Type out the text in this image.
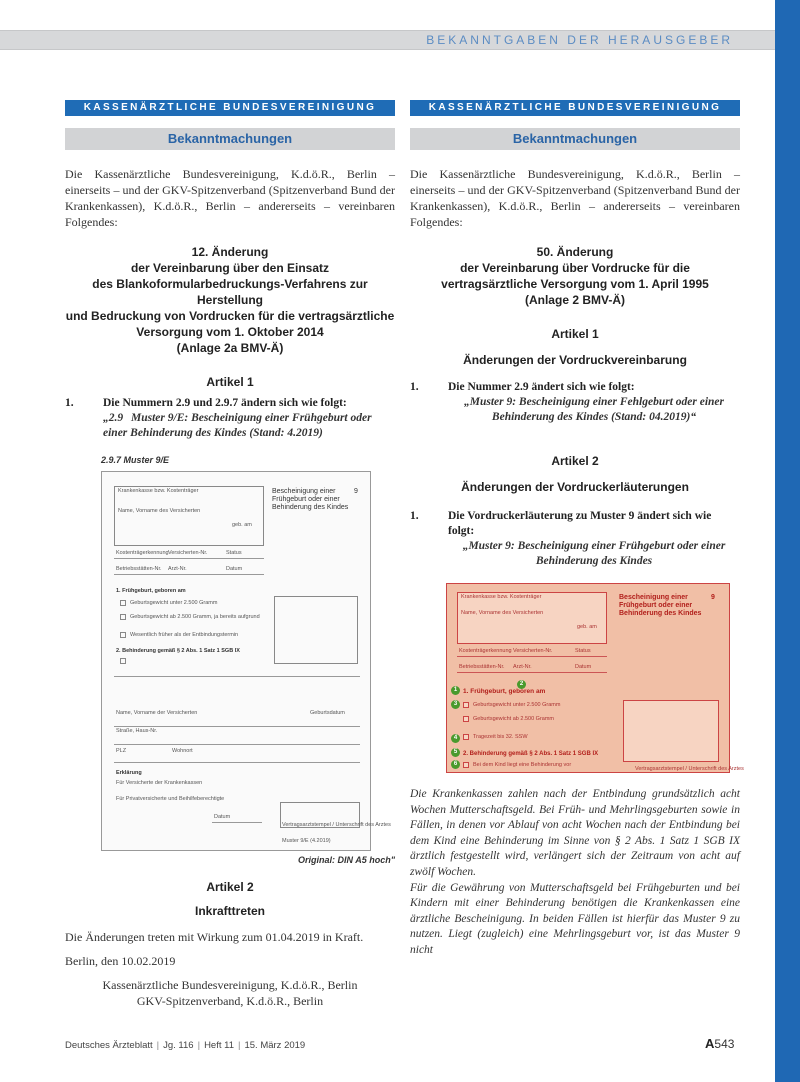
BEKANNTGABEN DER HERAUSGEBER
KASSENÄRZTLICHE BUNDESVEREINIGUNG
Bekanntmachungen

Die Kassenärztliche Bundesvereinigung, K.d.ö.R., Berlin – einerseits – und der GKV-Spitzenverband (Spitzenverband Bund der Krankenkassen), K.d.ö.R., Berlin – andererseits – vereinbaren Folgendes:

12. Änderung
der Vereinbarung über den Einsatz
des Blankoformularbedruckungs-Verfahrens zur Herstellung
und Bedruckung von Vordrucken für die vertragsärztliche
Versorgung vom 1. Oktober 2014
(Anlage 2a BMV-Ä)
Artikel 1
1.	Die Nummern 2.9 und 2.9.7 ändern sich wie folgt:
„2.9 Muster 9/E: Bescheinigung einer Frühgeburt oder einer Behinderung des Kindes (Stand: 4.2019)
2.9.7 Muster 9/E
Krankenkasse bzw. Kostenträger
Name, Vorname des Versicherten
geb. am
Bescheinigung einer
Frühgeburt oder einer
Behinderung des Kindes
9
Kostenträgerkennung Versicherten-Nr.	Status
Betriebsstätten-Nr. Arzt-Nr.	Datum
1. Frühgeburt, geboren am
Geburtsgewicht unter 2.500 Gramm
Geburtsgewicht ab 2.500 Gramm, ja bereits aufgrund
Wesentlich früher als der Entbindungstermin
2. Behinderung gemäß § 2 Abs. 1 Satz 1 SGB IX
Name, Vorname der Versicherten	Geburtsdatum
Straße, Haus-Nr.
PLZ	Wohnort
Erklärung
Für Versicherte der Krankenkassen
Für Privatversicherte und Beihilfeberechtigte
Datum
Vertragsarztstempel / Unterschrift des Arztes
Muster 9/E (4.2019)
Original: DIN A5 hoch"
Artikel 2
Inkrafttreten

Die Änderungen treten mit Wirkung zum 01.04.2019 in Kraft.

Berlin, den 10.02.2019

Kassenärztliche Bundesvereinigung, K.d.ö.R., Berlin

GKV-Spitzenverband, K.d.ö.R., Berlin

KASSENÄRZTLICHE BUNDESVEREINIGUNG
Bekanntmachungen

Die Kassenärztliche Bundesvereinigung, K.d.ö.R., Berlin – einerseits – und der GKV-Spitzenverband (Spitzenverband Bund der Krankenkassen), K.d.ö.R., Berlin – andererseits – vereinbaren Folgendes:

50. Änderung
der Vereinbarung über Vordrucke für die
vertragsärztliche Versorgung vom 1. April 1995
(Anlage 2 BMV-Ä)
Artikel 1
Änderungen der Vordruckvereinbarung
1.	Die Nummer 2.9 ändert sich wie folgt:
„Muster 9: Bescheinigung einer Fehlgeburt oder einer Behinderung des Kindes (Stand: 04.2019)“
Artikel 2
Änderungen der Vordruckerläuterungen
1.	Die Vordruckerläuterung zu Muster 9 ändert sich wie folgt:
„Muster 9: Bescheinigung einer Frühgeburt oder einer Behinderung des Kindes
Krankenkasse bzw. Kostenträger
Name, Vorname des Versicherten
geb. am
Bescheinigung einer
Frühgeburt oder einer
Behinderung des Kindes
9
Kostenträgerkennung Versicherten-Nr.	Status
Betriebsstätten-Nr. Arzt-Nr.	Datum
1
2
1. Frühgeburt, geboren am
3	Geburtsgewicht unter 2.500 Gramm
Geburtsgewicht ab 2.500 Gramm
4	Tragezeit bis 32. SSW
5 2. Behinderung gemäß § 2 Abs. 1 Satz 1 SGB IX
6	Bei dem Kind liegt eine Behinderung vor
Vertragsarztstempel / Unterschrift des Arztes

Die Krankenkassen zahlen nach der Entbindung grundsätzlich acht Wochen Mutterschaftsgeld. Bei Früh- und Mehrlingsgeburten sowie in Fällen, in denen vor Ablauf von acht Wochen nach der Entbindung bei dem Kind eine Behinderung im Sinne von § 2 Abs. 1 Satz 1 SGB IX ärztlich festgestellt wird, verlängert sich der Zeitraum von acht auf zwölf Wochen.

Für die Gewährung von Mutterschaftsgeld bei Frühgeburten und bei Kindern mit einer Behinderung benötigen die Krankenkassen eine ärztliche Bescheinigung. In beiden Fällen ist hierfür das Muster 9 zu nutzen. Liegt (zugleich) eine Mehrlingsgeburt vor, ist das Muster 9 nicht

Deutsches Ärzteblatt | Jg. 116 | Heft 11 | 15. März 2019	A543
